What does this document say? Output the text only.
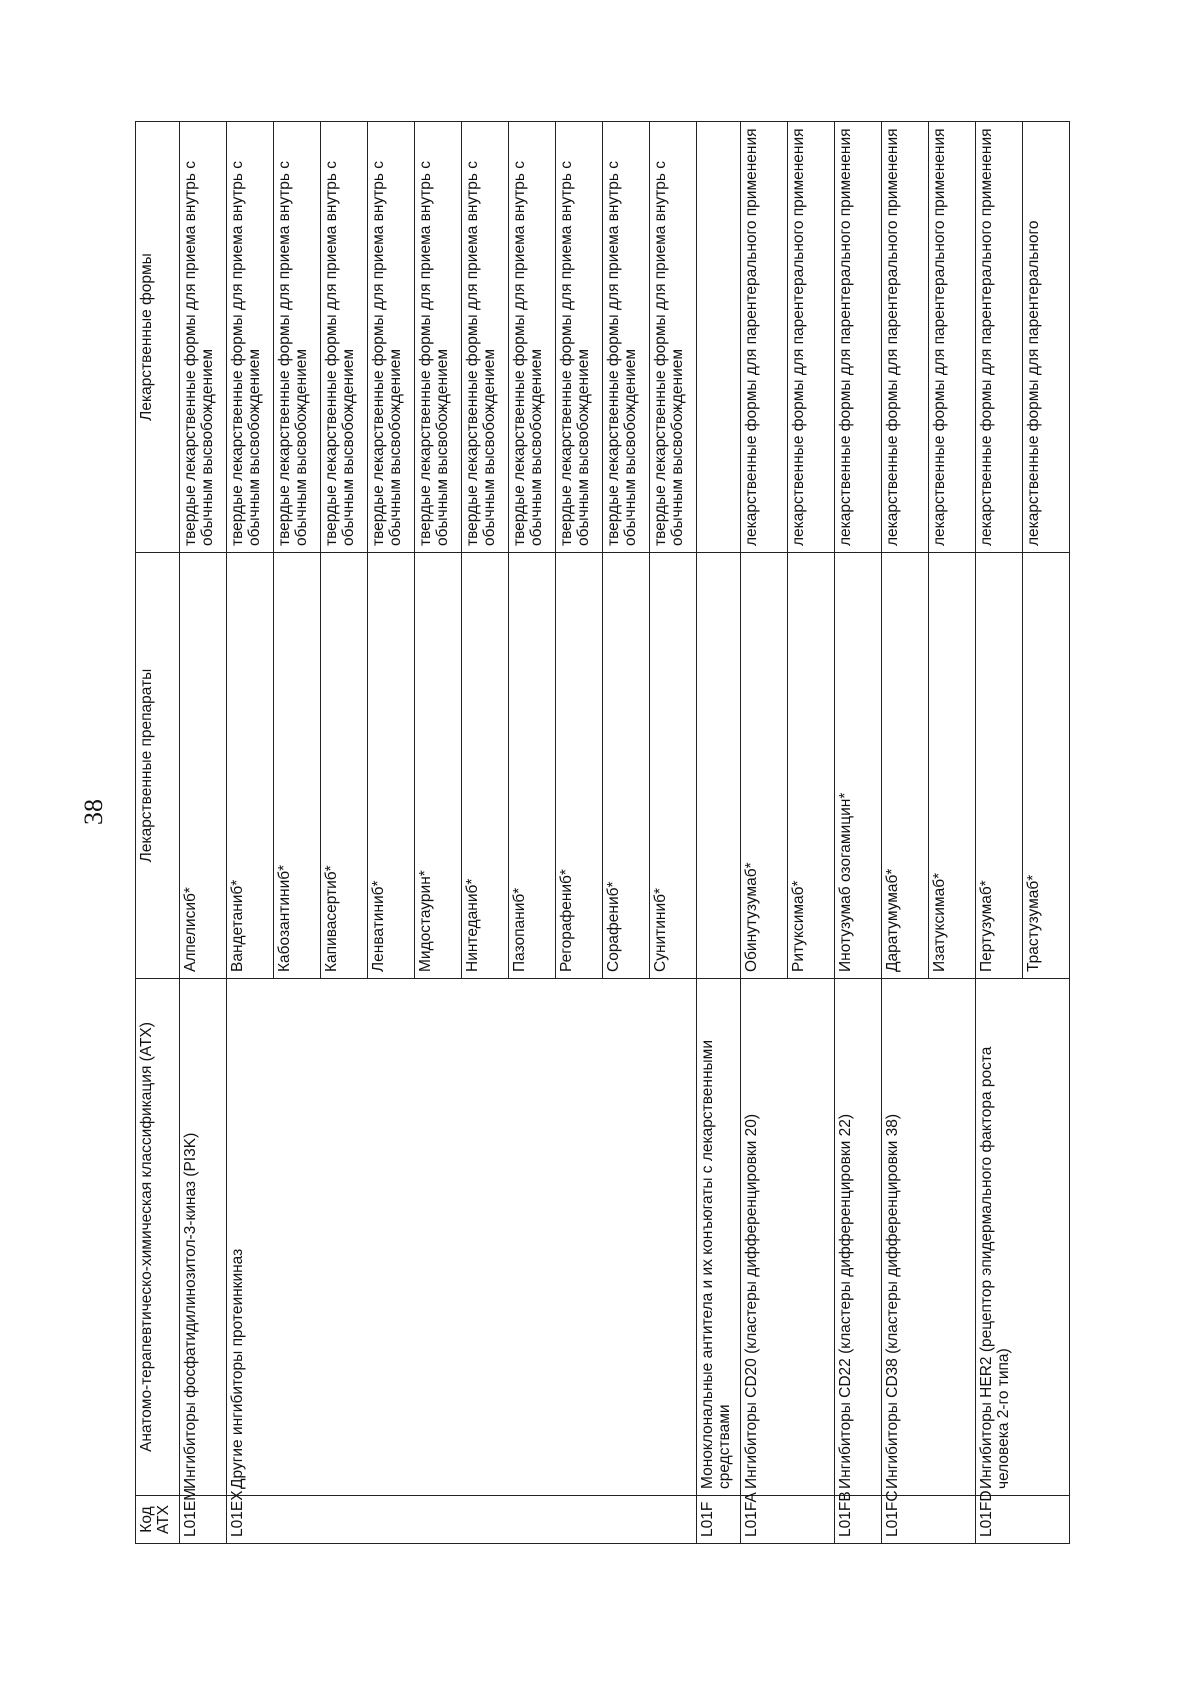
38
Код АТХ	Анатомо-терапевтическо-химическая классификация (АТХ)	Лекарственные препараты	Лекарственные формы
L01EM	Ингибиторы фосфатидилинозитол-3-киназ (PI3K)	Алпелисиб*	твердые лекарственные формы для приема внутрь с обычным высвобождением
L01EX	Другие ингибиторы протеинкиназ	Вандетаниб*	твердые лекарственные формы для приема внутрь с обычным высвобождением
		Кабозантиниб*	твердые лекарственные формы для приема внутрь с обычным высвобождением
		Капивасертиб*	твердые лекарственные формы для приема внутрь с обычным высвобождением
		Ленватиниб*	твердые лекарственные формы для приема внутрь с обычным высвобождением
		Мидостаурин*	твердые лекарственные формы для приема внутрь с обычным высвобождением
		Нинтеданиб*	твердые лекарственные формы для приема внутрь с обычным высвобождением
		Пазопаниб*	твердые лекарственные формы для приема внутрь с обычным высвобождением
		Регорафениб*	твердые лекарственные формы для приема внутрь с обычным высвобождением
		Сорафениб*	твердые лекарственные формы для приема внутрь с обычным высвобождением
		Сунитиниб*	твердые лекарственные формы для приема внутрь с обычным высвобождением
L01F	Моноклональные антитела и их конъюгаты с лекарственными средствами		
L01FA	Ингибиторы CD20 (кластеры дифференцировки 20)	Обинутузумаб*	лекарственные формы для парентерального применения
		Ритуксимаб*	лекарственные формы для парентерального применения
L01FB	Ингибиторы CD22 (кластеры дифференцировки 22)	Инотузумаб озогамицин*	лекарственные формы для парентерального применения
L01FC	Ингибиторы CD38 (кластеры дифференцировки 38)	Даратумумаб*	лекарственные формы для парентерального применения
		Изатуксимаб*	лекарственные формы для парентерального применения
L01FD	Ингибиторы HER2 (рецептор эпидермального фактора роста человека 2-го типа)	Пертузумаб*	лекарственные формы для парентерального применения
		Трастузумаб*	лекарственные формы для парентерального
